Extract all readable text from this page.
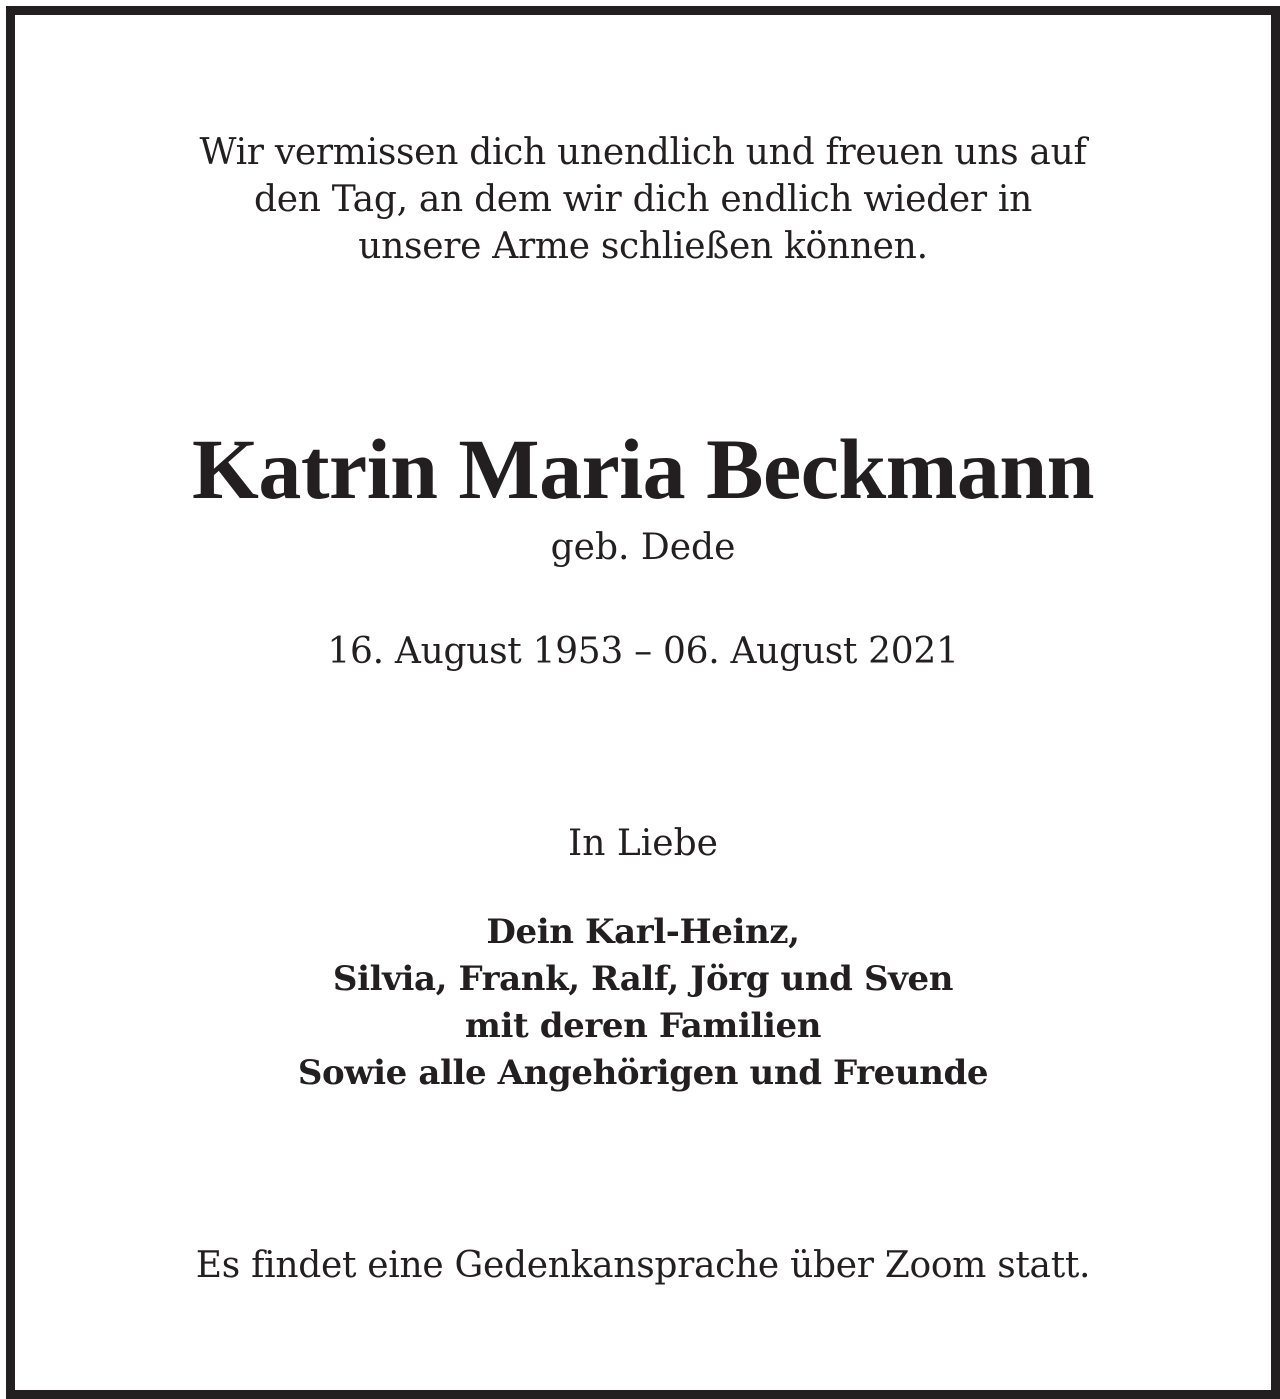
Wir vermissen dich unendlich und freuen uns auf
den Tag, an dem wir dich endlich wieder in
unsere Arme schließen können.
Katrin Maria Beckmann
geb. Dede
16. August 1953 – 06. August 2021
In Liebe
Dein Karl-Heinz,
Silvia, Frank, Ralf, Jörg und Sven
mit deren Familien
Sowie alle Angehörigen und Freunde
Es findet eine Gedenkansprache über Zoom statt.
